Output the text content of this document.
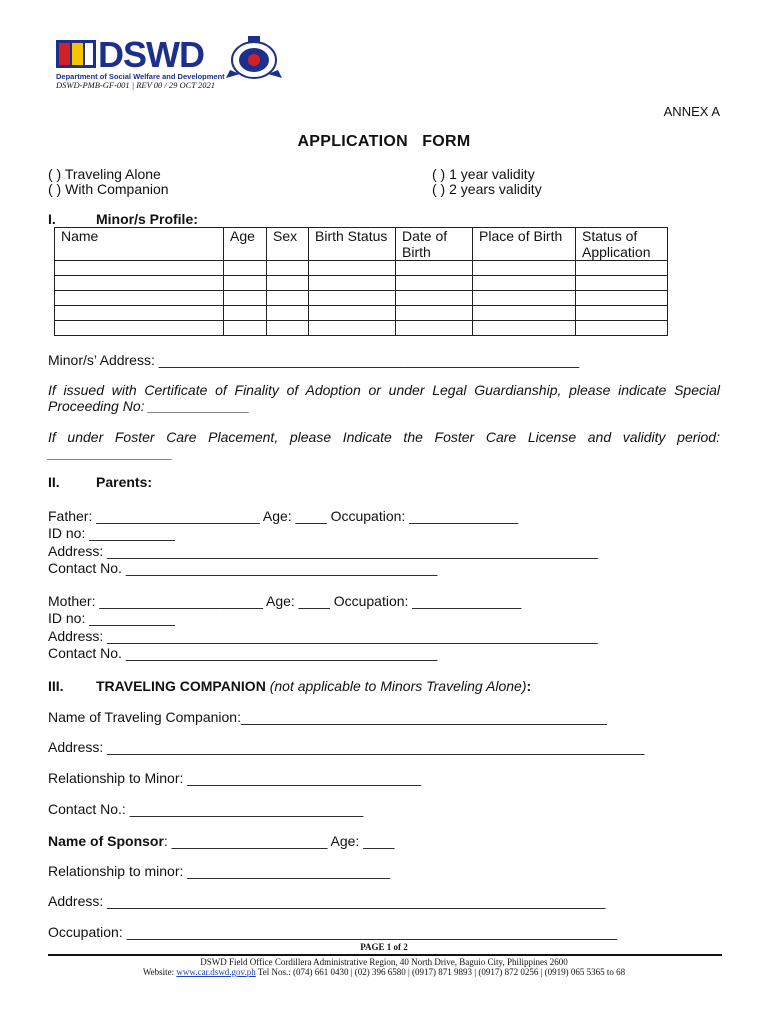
DSWD
Department of Social Welfare and Development
DSWD-PMB-GF-001 | REV 00 / 29 OCT 2021
ANNEX A
APPLICATION   FORM
( ) Traveling Alone
( ) With Companion
( ) 1 year validity
( ) 2 years validity
I.	Minor/s Profile:
Name	Age	Sex	Birth Status	Date of Birth	Place of Birth	Status of Application

Minor/s’ Address: ______________________________________________________
If issued with Certificate of Finality of Adoption or under Legal Guardianship, please indicate Special Proceeding No: _____________
If under Foster Care Placement, please Indicate the Foster Care License and validity period: ________________
II.	Parents:
Father: _____________________ Age: ____ Occupation: ______________
ID no: ___________
Address: _______________________________________________________________
Contact No. ________________________________________
Mother: _____________________ Age: ____ Occupation: ______________
ID no: ___________
Address: _______________________________________________________________
Contact No. ________________________________________
III. TRAVELING COMPANION (not applicable to Minors Traveling Alone):
Name of Traveling Companion:_______________________________________________
Address: _____________________________________________________________________
Relationship to Minor: ______________________________
Contact No.: ______________________________
Name of Sponsor: ____________________ Age: ____
Relationship to minor: __________________________
Address: ________________________________________________________________
Occupation: _______________________________________________________________
PAGE 1 of 2
DSWD Field Office Cordillera Administrative Region, 40 North Drive, Baguio City, Philippines 2600
Website: www.car.dswd.gov.ph Tel Nos.: (074) 661 0430 | (02) 396 6580 | (0917) 871 9893 | (0917) 872 0256 | (0919) 065 5365 to 68
